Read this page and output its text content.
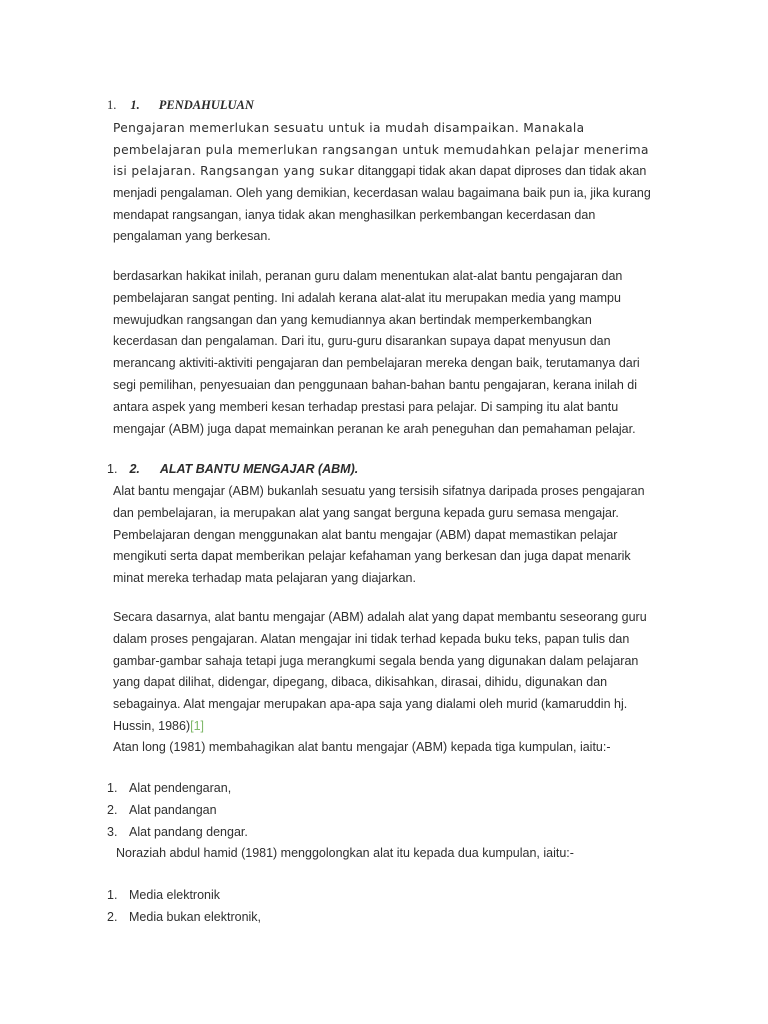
1. 1. PENDAHULUAN
Pengajaran memerlukan sesuatu untuk ia mudah disampaikan. Manakala
pembelajaran pula memerlukan rangsangan untuk memudahkan pelajar menerima
isi pelajaran. Rangsangan yang sukar ditanggapi tidak akan dapat diproses dan tidak akan
menjadi pengalaman. Oleh yang demikian, kecerdasan walau bagaimana baik pun ia, jika kurang
mendapat rangsangan, ianya tidak akan menghasilkan perkembangan kecerdasan dan
pengalaman yang berkesan.
berdasarkan hakikat inilah, peranan guru dalam menentukan alat-alat bantu pengajaran dan
pembelajaran sangat penting. Ini adalah kerana alat-alat itu merupakan media yang mampu
mewujudkan rangsangan dan yang kemudiannya akan bertindak memperkembangkan
kecerdasan dan pengalaman. Dari itu, guru-guru disarankan supaya dapat menyusun dan
merancang aktiviti-aktiviti pengajaran dan pembelajaran mereka dengan baik, terutamanya dari
segi pemilihan, penyesuaian dan penggunaan bahan-bahan bantu pengajaran, kerana inilah di
antara aspek yang memberi kesan terhadap prestasi para pelajar. Di samping itu alat bantu
mengajar (ABM) juga dapat memainkan peranan ke arah peneguhan dan pemahaman pelajar.
1. 2. ALAT BANTU MENGAJAR (ABM).
Alat bantu mengajar (ABM) bukanlah sesuatu yang tersisih sifatnya daripada proses pengajaran
dan pembelajaran, ia merupakan alat yang sangat berguna kepada guru semasa mengajar.
Pembelajaran dengan menggunakan alat bantu mengajar (ABM) dapat memastikan pelajar
mengikuti serta dapat memberikan pelajar kefahaman yang berkesan dan juga dapat menarik
minat mereka terhadap mata pelajaran yang diajarkan.
Secara dasarnya, alat bantu mengajar (ABM) adalah alat yang dapat membantu seseorang guru
dalam proses pengajaran. Alatan mengajar ini tidak terhad kepada buku teks, papan tulis dan
gambar-gambar sahaja tetapi juga merangkumi segala benda yang digunakan dalam pelajaran
yang dapat dilihat, didengar, dipegang, dibaca, dikisahkan, dirasai, dihidu, digunakan dan
sebagainya. Alat mengajar merupakan apa-apa saja yang dialami oleh murid (kamaruddin hj.
Hussin, 1986)[1]
Atan long (1981) membahagikan alat bantu mengajar (ABM) kepada tiga kumpulan, iaitu:-
1. Alat pendengaran,
2. Alat pandangan
3. Alat pandang dengar.
Noraziah abdul hamid (1981) menggolongkan alat itu kepada dua kumpulan, iaitu:-
1. Media elektronik
2. Media bukan elektronik,
